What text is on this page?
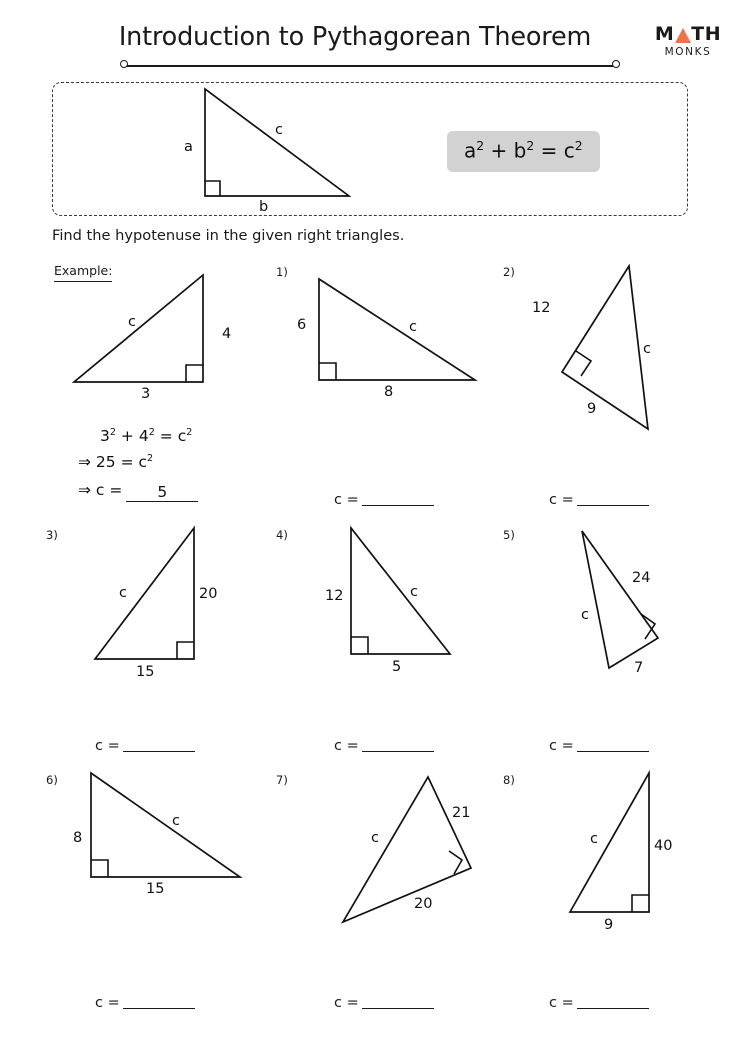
Introduction to Pythagorean Theorem	M TH
MONKS
a
b
c
$a^2 + b^2 = c^2$
Find the hypotenuse in the given right triangles.
Example:
c
4
3
$3^2 + 4^2 = c^2$
⇒ $25 = c^2$
⇒ c = 5
1)
6
8
c
c =
2)
12
9
c
c =
3)
c	20
15
c =
4)
12
5
c
c =
5)
24
c
7
c =
6)
8
15
c
c =
7)
21
c
20
c =
8)
c	40
9
c =
